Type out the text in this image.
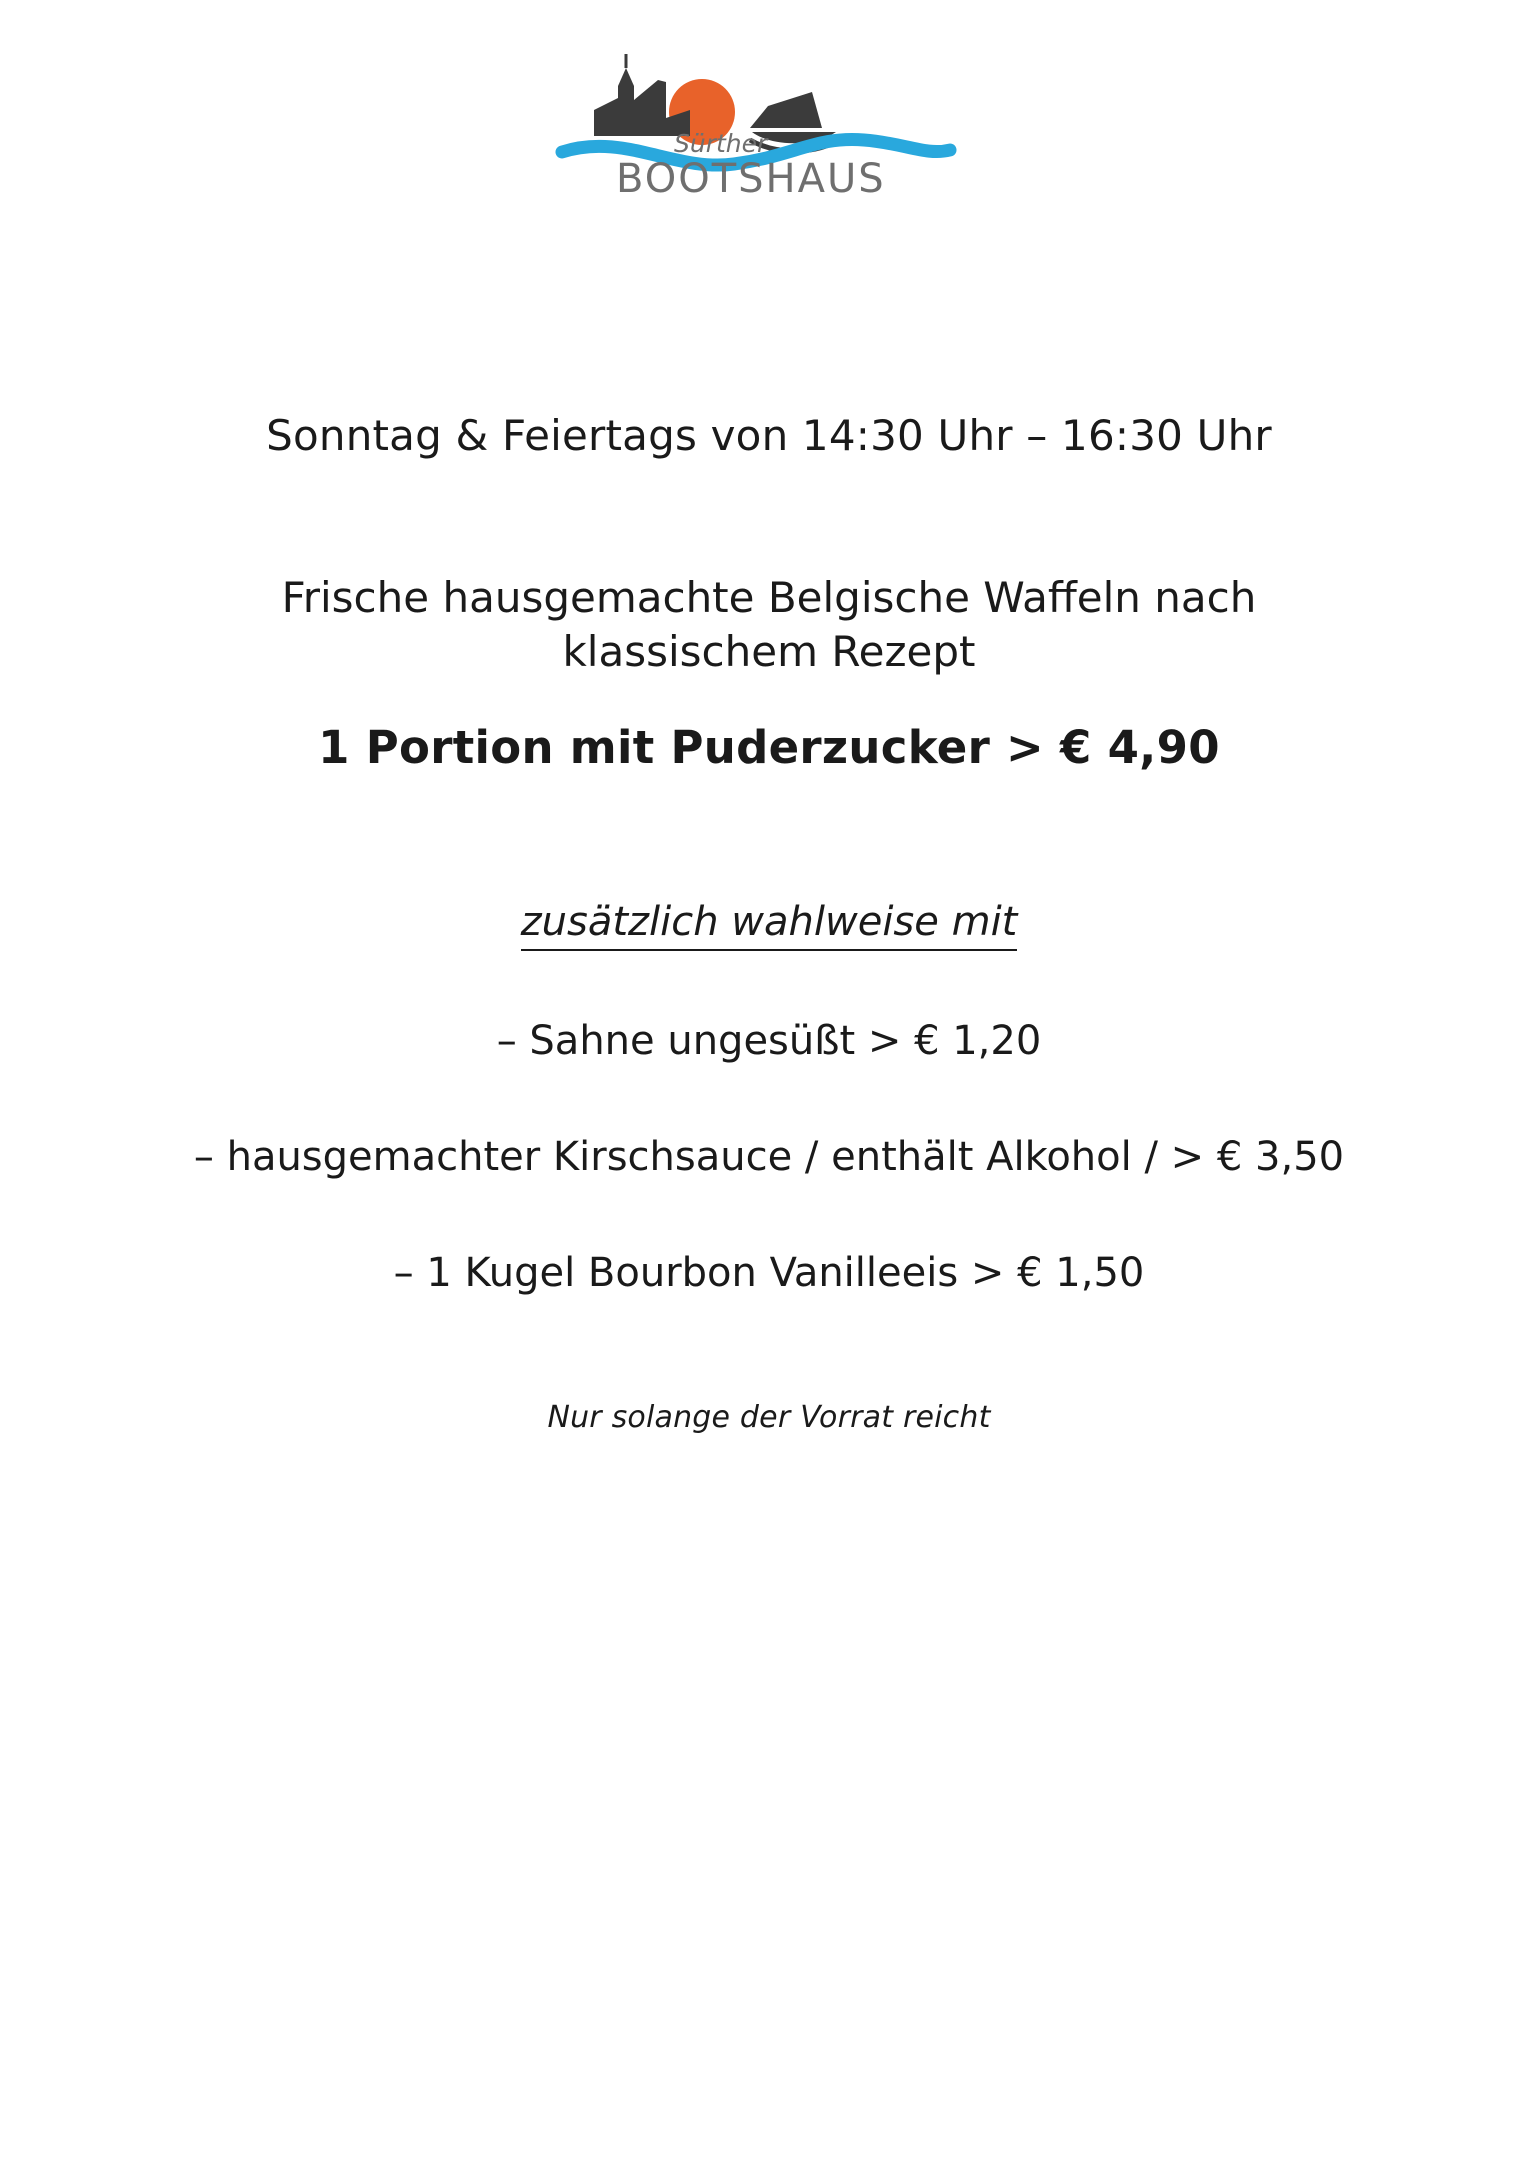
Sürther
BOOTSHAUS
Sonntag & Feiertags von 14:30 Uhr – 16:30 Uhr
Frische hausgemachte Belgische Waffeln nach klassischem Rezept
1 Portion mit Puderzucker > € 4,90
zusätzlich wahlweise mit
– Sahne ungesüßt > € 1,20
– hausgemachter Kirschsauce / enthält Alkohol / > € 3,50
– 1 Kugel Bourbon Vanilleeis > € 1,50
Nur solange der Vorrat reicht
